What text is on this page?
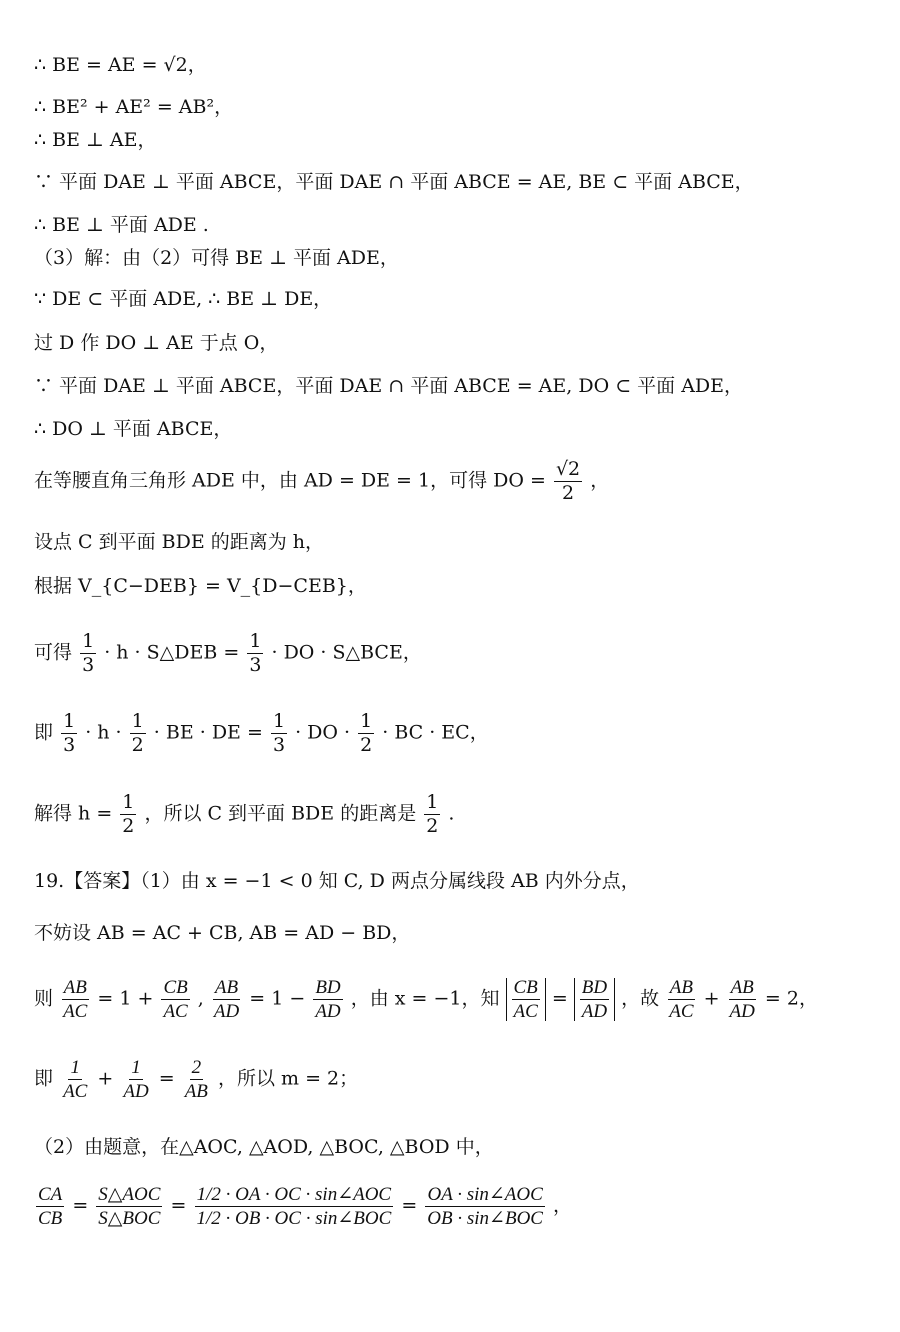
∴ BE = AE = √2，
∴ BE² + AE² = AB²，
∴ BE ⊥ AE，
∵ 平面 DAE ⊥ 平面 ABCE，平面 DAE ∩ 平面 ABCE = AE, BE ⊂ 平面 ABCE，
∴ BE ⊥ 平面 ADE .
（3）解：由（2）可得 BE ⊥ 平面 ADE，
∵ DE ⊂ 平面 ADE, ∴ BE ⊥ DE，
过 D 作 DO ⊥ AE 于点 O，
∵ 平面 DAE ⊥ 平面 ABCE，平面 DAE ∩ 平面 ABCE = AE, DO ⊂ 平面 ADE，
∴ DO ⊥ 平面 ABCE，
在等腰直角三角形 ADE 中，由 AD = DE = 1，可得 DO = $\frac{√2}{2}$ ，
设点 C 到平面 BDE 的距离为 h，
根据 V_{C−DEB} = V_{D−CEB}，
可得 $\frac{1}{3} \cdot h$ · S△DEB = $\frac{1}{3}$ · DO · S△BCE，
即 $\frac{1}{3} \cdot h \cdot \frac{1}{2}$ · BE · DE = $\frac{1}{3}$ · DO · $\frac{1}{2}$ · BC · EC，
解得 $h = \frac{1}{2}$ ，所以 C 到平面 BDE 的距离是 $\frac{1}{2}$ .
19.【答案】（1）由 x = −1 < 0 知 C, D 两点分属线段 AB 内外分点，
不妨设 AB = AC + CB, AB = AD − BD，
则 $\frac{AB}{AC} = 1 + \frac{CB}{AC}$ , $\frac{AB}{AD} = 1 - \frac{BD}{AD}$ ，由 x = −1，知 $\frac{CB}{AC} = \frac{BD}{AD}$ ，故 $\frac{AB}{AC} + \frac{AB}{AD} = 2$，
即 $\frac{1}{AC} + \frac{1}{AD} = \frac{2}{AB}$ ，所以 m = 2；
（2）由题意，在△AOC, △AOD, △BOC, △BOD 中，
$\frac{CA}{CB} = \frac{\text{S△AOC}}{\text{S△BOC}} = \frac{\text{1/2 · OA · OC · sin∠AOC}}{\text{1/2 · OB · OC · sin∠BOC}} = \frac{\text{OA · sin∠AOC}}{\text{OB · sin∠BOC}}$ ，
